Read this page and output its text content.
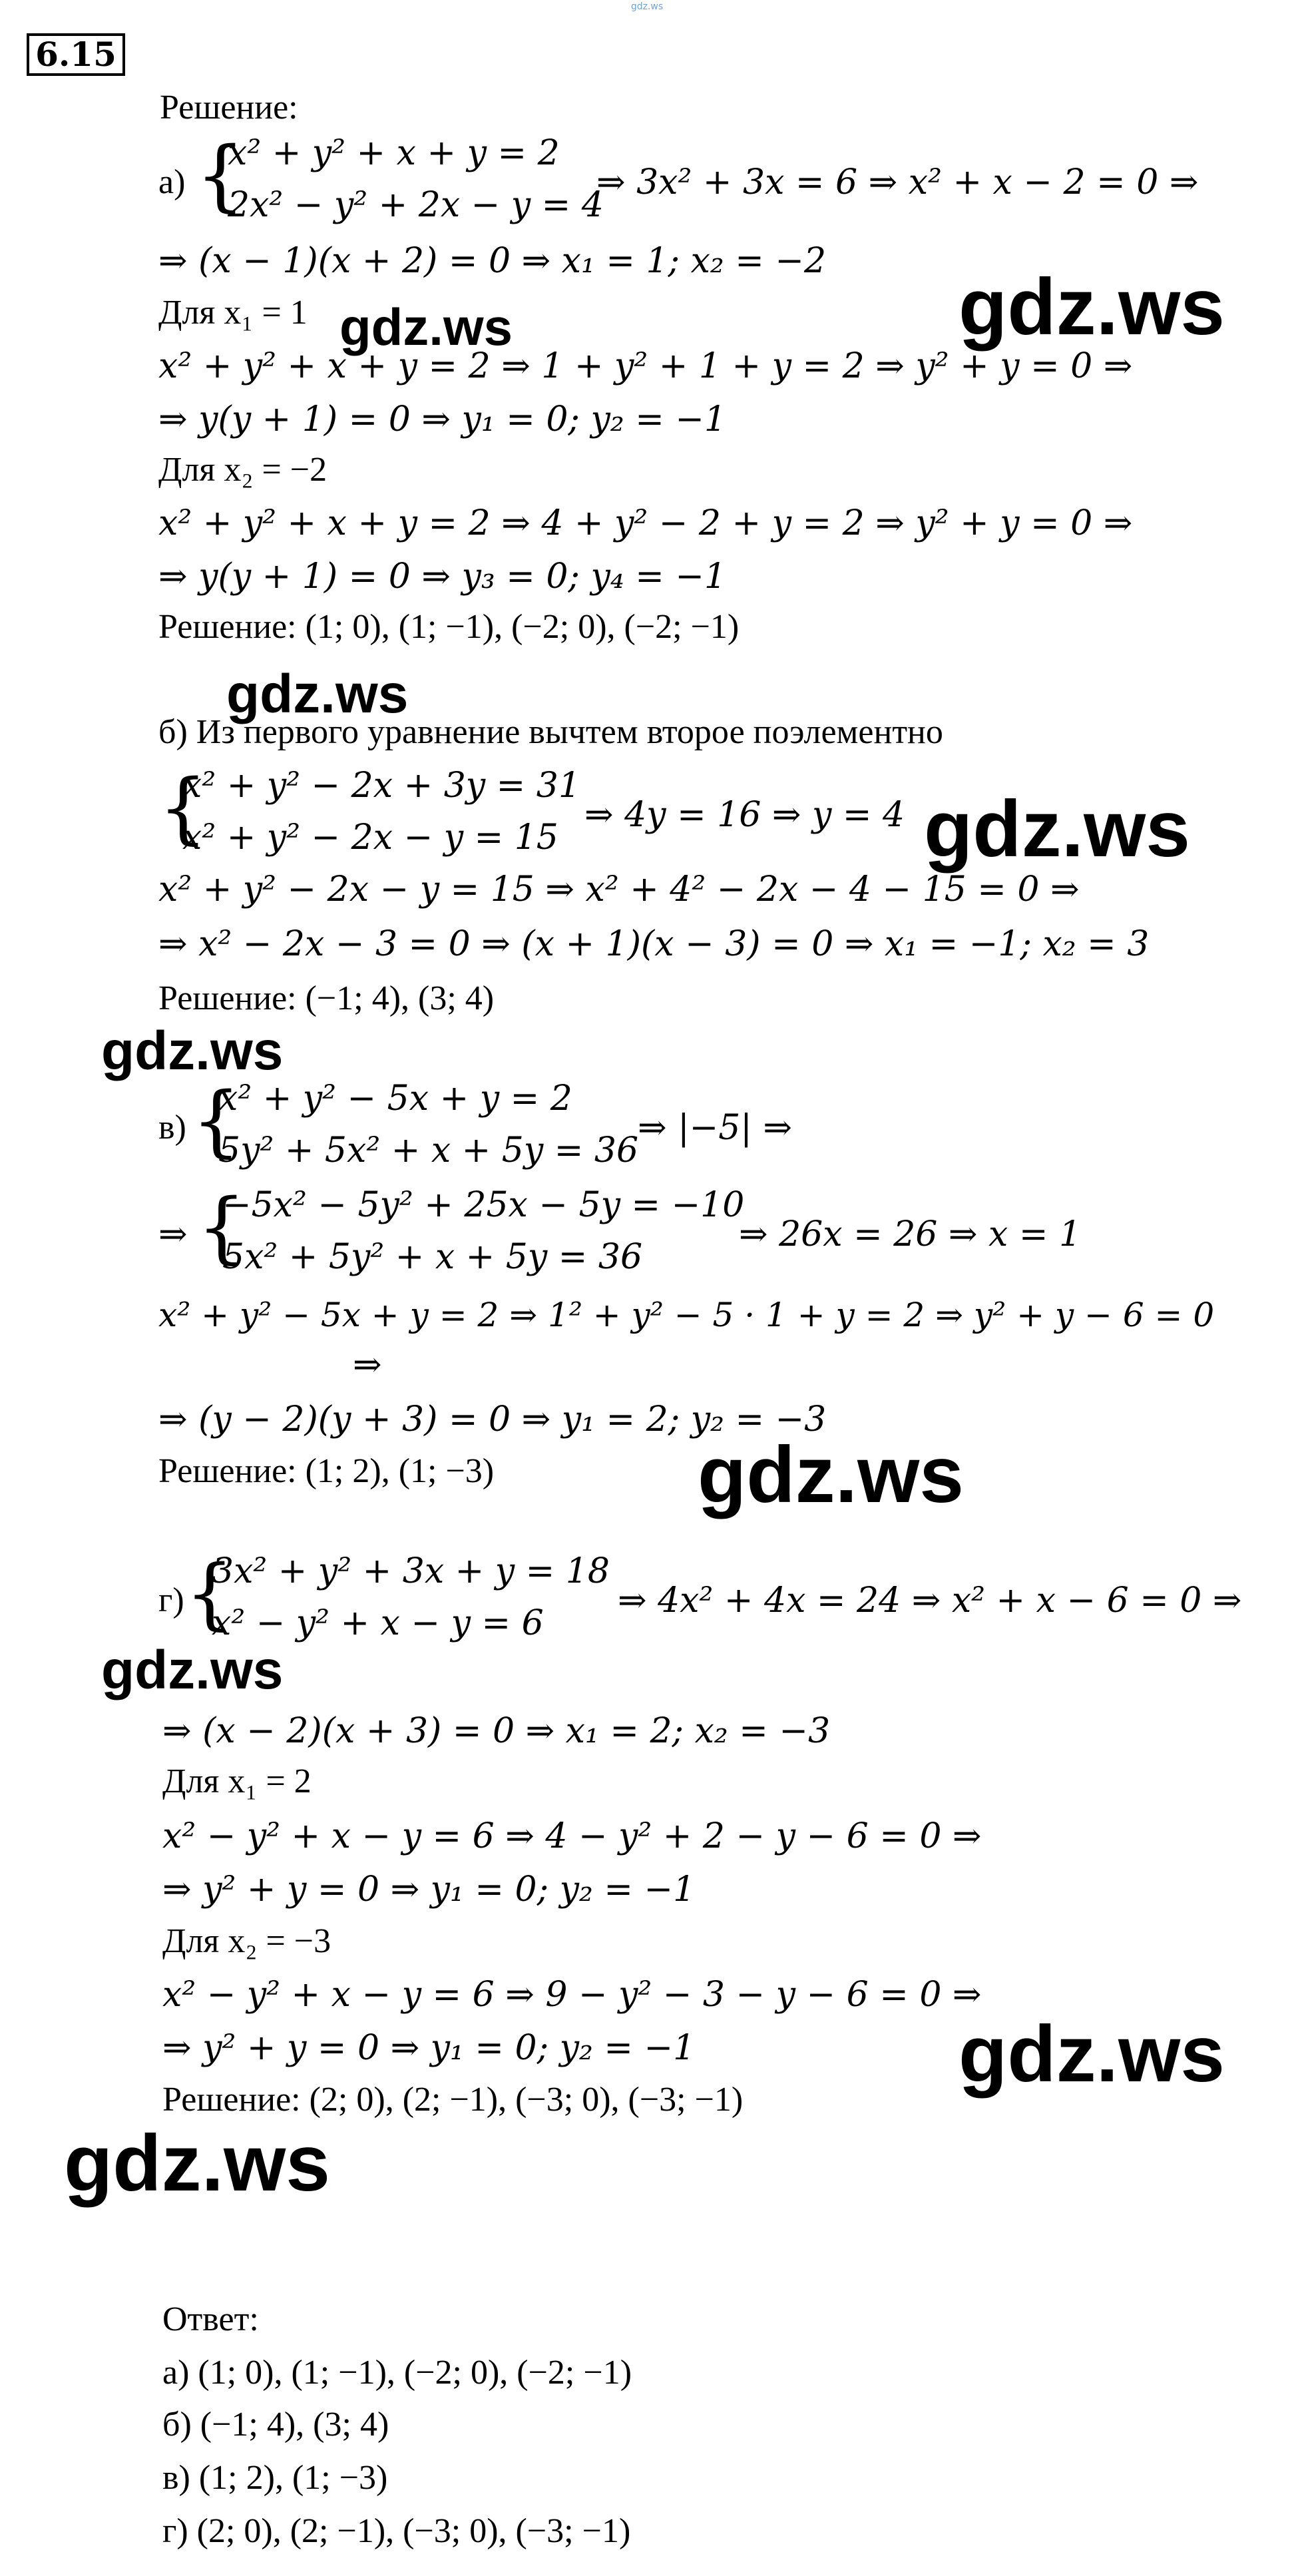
gdz.ws
6.15
Решение:
а) {
x² + y² + x + y = 2
2x² − y² + 2x − y = 4
⇒ 3x² + 3x = 6 ⇒ x² + x − 2 = 0 ⇒
⇒ (x − 1)(x + 2) = 0 ⇒ x₁ = 1; x₂ = −2
Для x₁ = 1
x² + y² + x + y = 2 ⇒ 1 + y² + 1 + y = 2 ⇒ y² + y = 0 ⇒
⇒ y(y + 1) = 0 ⇒ y₁ = 0; y₂ = −1
Для x₂ = −2
x² + y² + x + y = 2 ⇒ 4 + y² − 2 + y = 2 ⇒ y² + y = 0 ⇒
⇒ y(y + 1) = 0 ⇒ y₃ = 0; y₄ = −1
Решение: (1; 0), (1; −1), (−2; 0), (−2; −1)
б) Из первого уравнение вычтем второе поэлементно
{
x² + y² − 2x + 3y = 31
x² + y² − 2x − y = 15
⇒ 4y = 16 ⇒ y = 4
x² + y² − 2x − y = 15 ⇒ x² + 4² − 2x − 4 − 15 = 0 ⇒
⇒ x² − 2x − 3 = 0 ⇒ (x + 1)(x − 3) = 0 ⇒ x₁ = −1; x₂ = 3
Решение: (−1; 4), (3; 4)
в) {
x² + y² − 5x + y = 2
5y² + 5x² + x + 5y = 36
⇒ |−5| ⇒
⇒ {
−5x² − 5y² + 25x − 5y = −10
5x² + 5y² + x + 5y = 36
⇒ 26x = 26 ⇒ x = 1
x² + y² − 5x + y = 2 ⇒ 1² + y² − 5 · 1 + y = 2 ⇒ y² + y − 6 = 0
⇒
⇒ (y − 2)(y + 3) = 0 ⇒ y₁ = 2; y₂ = −3
Решение: (1; 2), (1; −3)
г) {
3x² + y² + 3x + y = 18
x² − y² + x − y = 6
⇒ 4x² + 4x = 24 ⇒ x² + x − 6 = 0 ⇒
⇒ (x − 2)(x + 3) = 0 ⇒ x₁ = 2; x₂ = −3
Для x₁ = 2
x² − y² + x − y = 6 ⇒ 4 − y² + 2 − y − 6 = 0 ⇒
⇒ y² + y = 0 ⇒ y₁ = 0; y₂ = −1
Для x₂ = −3
x² − y² + x − y = 6 ⇒ 9 − y² − 3 − y − 6 = 0 ⇒
⇒ y² + y = 0 ⇒ y₁ = 0; y₂ = −1
Решение: (2; 0), (2; −1), (−3; 0), (−3; −1)
Ответ:
а) (1; 0), (1; −1), (−2; 0), (−2; −1)
б) (−1; 4), (3; 4)
в) (1; 2), (1; −3)
г) (2; 0), (2; −1), (−3; 0), (−3; −1)
gdz.ws
gdz.ws
gdz.ws
gdz.ws
gdz.ws
gdz.ws
gdz.ws
gdz.ws
gdz.ws
